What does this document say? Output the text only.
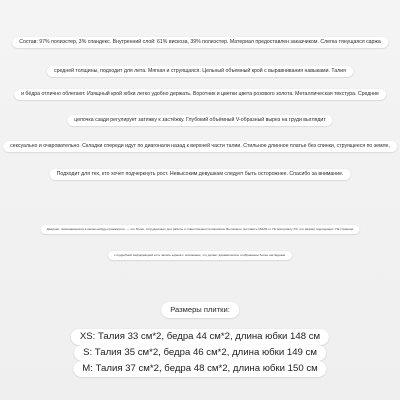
Состав: 97% полиэстер, 3% спандекс. Внутренний слой: 61% вискоза, 39% полиэстер. Материал предоставлен заказчиком. Слегка тянущаяся саржа
средней толщины, подходит для лета. Мягкая и струящаяся. Цельный объемный крой с выравнивания навыками. Талия
и бёдра отлично облегают. Изящный крой юбки легко удобно держать. Воротник и цветки цвета розового золота. Металлическая текстура. Средние
цепочка сзади регулирует затяжку к застёжку. Глубокий объёмный V-образный вырез на груди выглядит
сексуально и очаровательно. Складки спереди идут по диагонали назад к верхней части талии. Стильное длинное платье без спинки, струящееся по земле,
Подходит для тех, кто хочет подчеркнуть рост. Невысоким девушкам следует быть осторожнее. Спасибо за внимание.
Девушки, помещающиеся в каком-нибудь промежутке, — это блоки, сотрудничают для работы и ответственности магазина. Вы можете поставить 164/91 кг. По материалу XS, это размер подходящих. На странице
с подробной информацией есть запись экрана с описанием, что делает динамическое отображение более наглядным.
Размеры плитки:
XS: Талия 33 см*2, бедра 44 см*2, длина юбки 148 см
S: Талия 35 см*2, бедра 46 см*2, длина юбки 149 см
M: Талия 37 см*2, бедра 48 см*2, длина юбки 150 см
